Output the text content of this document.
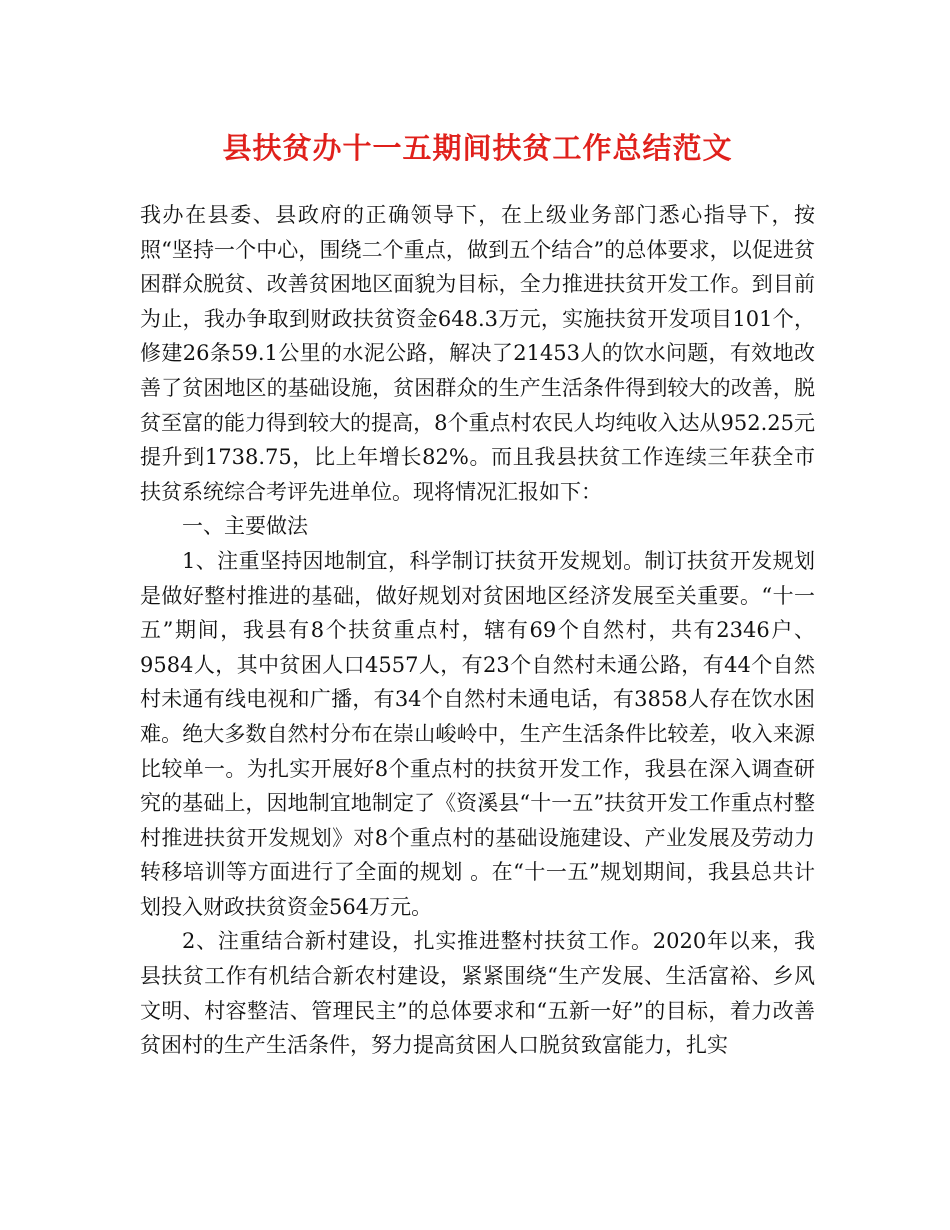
县扶贫办十一五期间扶贫工作总结范文

我办在县委、县政府的正确领导下，在上级业务部门悉心指导下，按照“坚持一个中心，围绕二个重点，做到五个结合”的总体要求，以促进贫困群众脱贫、改善贫困地区面貌为目标，全力推进扶贫开发工作。到目前为止，我办争取到财政扶贫资金648.3万元，实施扶贫开发项目101个，修建26条59.1公里的水泥公路，解决了21453人的饮水问题，有效地改善了贫困地区的基础设施，贫困群众的生产生活条件得到较大的改善，脱贫至富的能力得到较大的提高，8个重点村农民人均纯收入达从952.25元提升到1738.75，比上年增长82%。而且我县扶贫工作连续三年获全市扶贫系统综合考评先进单位。现将情况汇报如下：

一、主要做法

1、注重坚持因地制宜，科学制订扶贫开发规划。制订扶贫开发规划是做好整村推进的基础，做好规划对贫困地区经济发展至关重要。“十一五”期间，我县有8个扶贫重点村，辖有69个自然村，共有2346户、9584人，其中贫困人口4557人，有23个自然村未通公路，有44个自然村未通有线电视和广播，有34个自然村未通电话，有3858人存在饮水困难。绝大多数自然村分布在崇山峻岭中，生产生活条件比较差，收入来源比较单一。为扎实开展好8个重点村的扶贫开发工作，我县在深入调查研究的基础上，因地制宜地制定了《资溪县“十一五”扶贫开发工作重点村整村推进扶贫开发规划》对8个重点村的基础设施建设、产业发展及劳动力转移培训等方面进行了全面的规划 。在“十一五”规划期间，我县总共计划投入财政扶贫资金564万元。

2、注重结合新村建设，扎实推进整村扶贫工作。2020年以来，我县扶贫工作有机结合新农村建设，紧紧围绕“生产发展、生活富裕、乡风文明、村容整洁、管理民主”的总体要求和“五新一好”的目标，着力改善贫困村的生产生活条件，努力提高贫困人口脱贫致富能力，扎实
